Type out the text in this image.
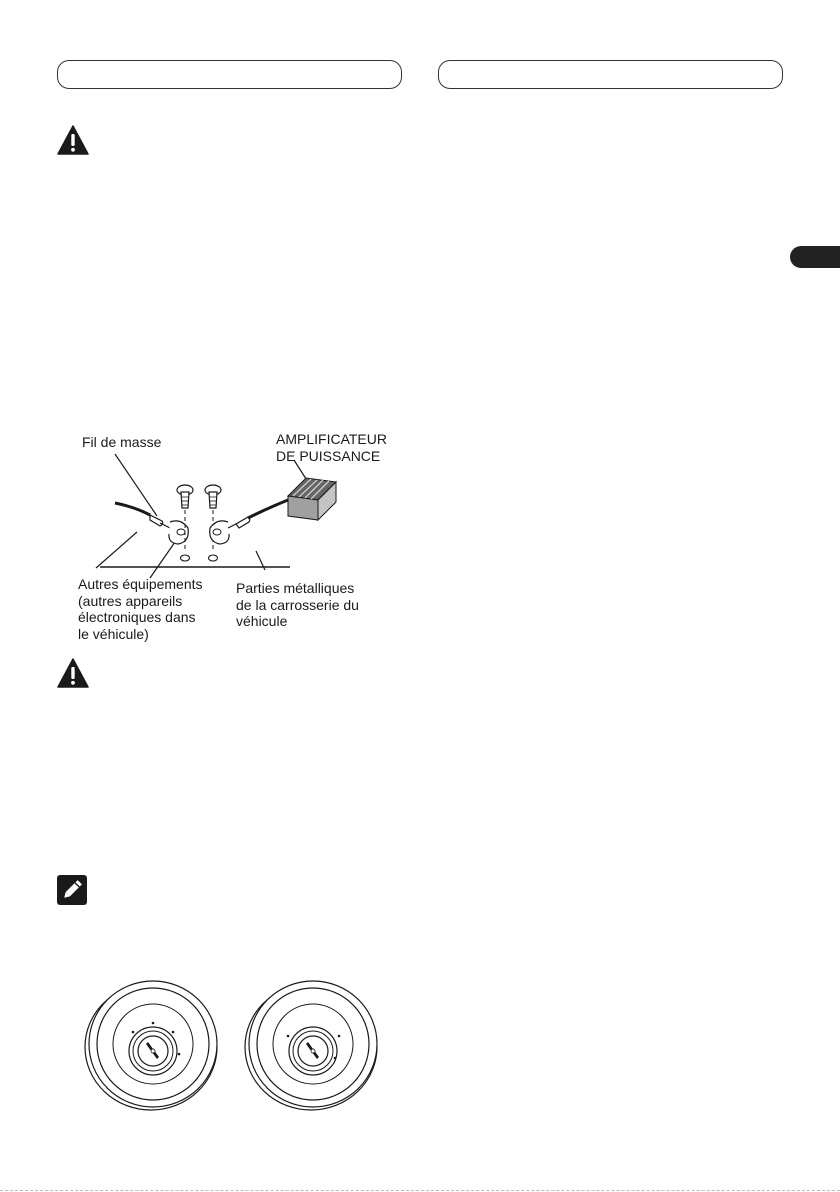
Fil de masse	AMPLIFICATEUR
DE PUISSANCE
Autres équipements
(autres appareils
électroniques dans
le véhicule)
Parties métalliques
de la carrosserie du
véhicule
